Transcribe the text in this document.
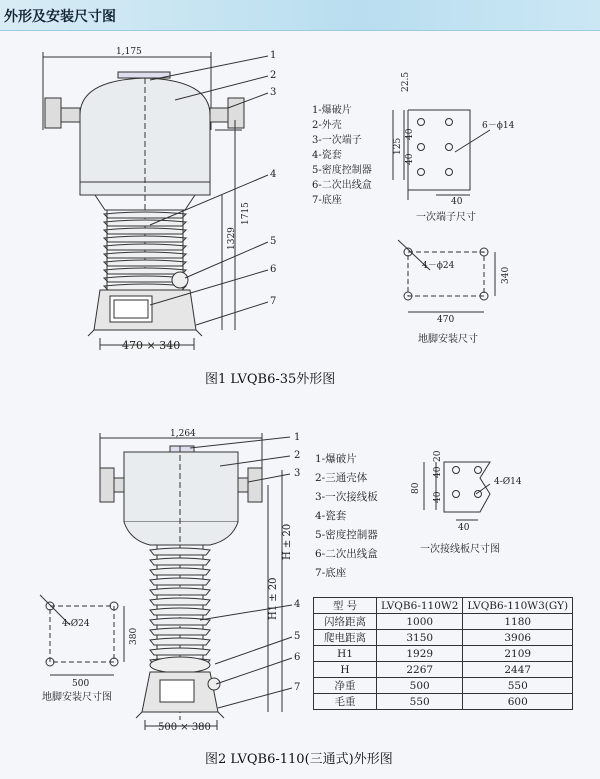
外形及安装尺寸图
1,175
1715
1329
470 × 340
1
2
3
4
5
6
7
1-爆破片
2-外壳
3-一次端子
4-瓷套
5-密度控制器
6-二次出线盒
7-底座
22.5
40
40
125
40
6－ϕ14
一次端子尺寸
4－ϕ24
340
470
地脚安装尺寸
图1 LVQB6-35外形图
1,264
H1 ± 20
H ± 20
500 × 380
1
2
3
4
5
6
7
1-爆破片
2-三通壳体
3-一次接线板
4-瓷套
5-密度控制器
6-二次出线盒
7-底座
40
20
40
80
40
4-Ø14
一次接线板尺寸图
4-Ø24
380
500
地脚安装尺寸图
型 号	LVQB6-110W2	LVQB6-110W3(GY)
闪络距离	1000	1180
爬电距离	3150	3906
H1	1929	2109
H	2267	2447
净重	500	550
毛重	550	600
图2 LVQB6-110(三通式)外形图
